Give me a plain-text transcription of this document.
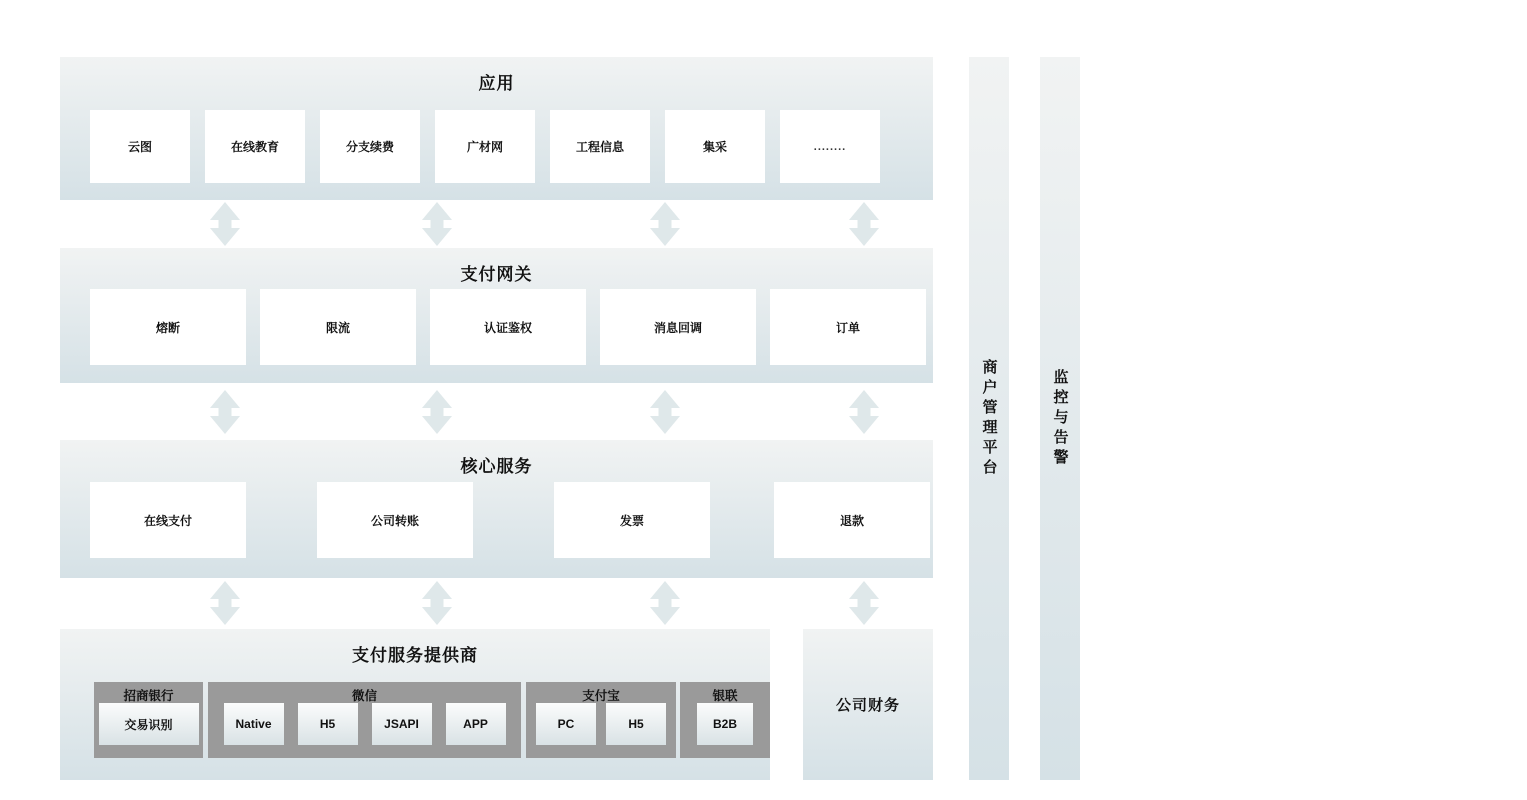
应用
云图	在线教育	分支续费	广材网	工程信息	集采	........
支付网关
熔断	限流	认证鉴权	消息回调	订单
核心服务
在线支付	公司转账	发票	退款
支付服务提供商
招商银行
交易识别
微信
Native	H5	JSAPI	APP
支付宝
PC	H5
银联
B2B
公司财务
商户管理平台	监控与告警
